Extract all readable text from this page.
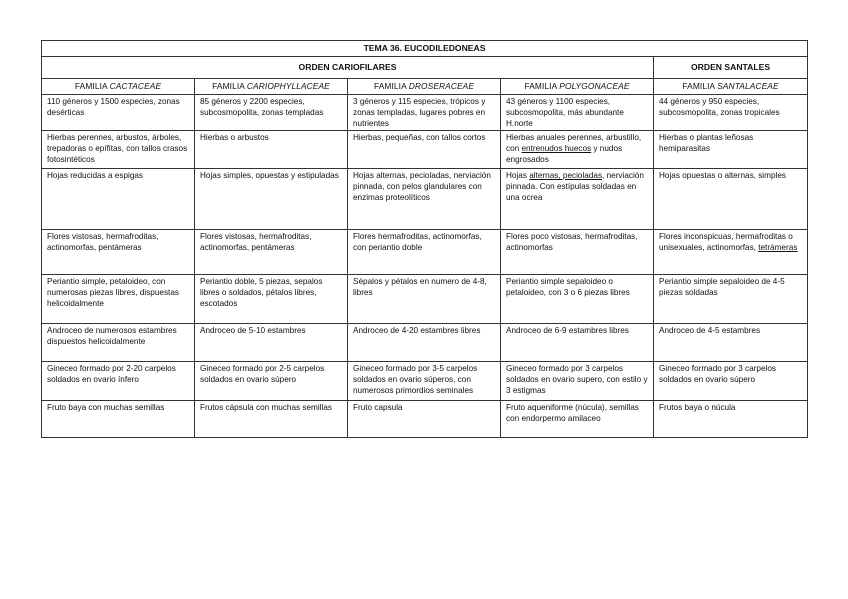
TEMA 36. EUCODILEDONEAS				
ORDEN CARIOFILARES				ORDEN SANTALES
FAMILIA CACTACEAE	FAMILIA CARIOPHYLLACEAE	FAMILIA DROSERACEAE	FAMILIA POLYGONACEAE	FAMILIA SANTALACEAE
110 géneros y 1500 especies, zonas desérticas	85 géneros y 2200 especies, subcosmopolita, zonas templadas	3 géneros y 115 especies, trópicos y zonas templadas, lugares pobres en nutrientes	43 géneros y 1100 especies, subcosmopolita, más abundante H.norte	44 géneros y 950 especies, subcosmopolita, zonas tropicales
Hierbas perennes, arbustos, árboles, trepadoras o epífitas, con tallos crasos fotosintéticos	Hierbas o arbustos	Hierbas, pequeñas, con tallos cortos	Hierbas anuales perennes, arbustillo, con entrenudos huecos y nudos engrosados	Hierbas o plantas leñosas hemiparasitas
Hojas reducidas a espigas	Hojas simples, opuestas y estipuladas	Hojas alternas, pecioladas, nerviación pinnada, con pelos glandulares con enzimas proteolíticos	Hojas alternas, pecioladas, nerviación pinnada. Con estípulas soldadas en una ocrea	Hojas opuestas o alternas, simples
Flores vistosas, hermafroditas, actinomorfas, pentámeras	Flores vistosas, hermafroditas, actinomorfas, pentámeras	Flores hermafroditas, actinomorfas, con periantio doble	Flores poco vistosas, hermafroditas, actinomorfas	Flores inconspicuas, hermafroditas o unisexuales, actinomorfas, tetrámeras
Periantio simple, petaloideo, con numerosas piezas libres, dispuestas helicoidalmente	Periantio doble, 5 piezas, sepalos libres o soldados, pétalos libres, escotados	Sépalos y pétalos en numero de 4-8, libres	Periantio simple sepaloideo o petaloideo, con 3 o 6 piezas libres	Periantio simple sepaloideo de 4-5 piezas soldadas
Androceo de numerosos estambres dispuestos helicoidalmente	Androceo de 5-10 estambres	Androceo de 4-20 estambres libres	Androceo de 6-9 estambres libres	Androceo de 4-5 estambres
Gineceo formado por 2-20 carpelos soldados en ovario ínfero	Gineceo formado por 2-5 carpelos soldados en ovario súpero	Gineceo formado por 3-5 carpelos soldados en ovario súperos, con numerosos primordios seminales	Gineceo formado por 3 carpelos soldados en ovario supero, con estilo y 3 estigmas	Gineceo formado por 3 carpelos soldados en ovario súpero
Fruto baya con muchas semillas	Frutos cápsula con muchas semillas	Fruto capsula	Fruto aqueniforme (núcula), semillas con endorpermo amilaceo	Frutos baya o núcula
